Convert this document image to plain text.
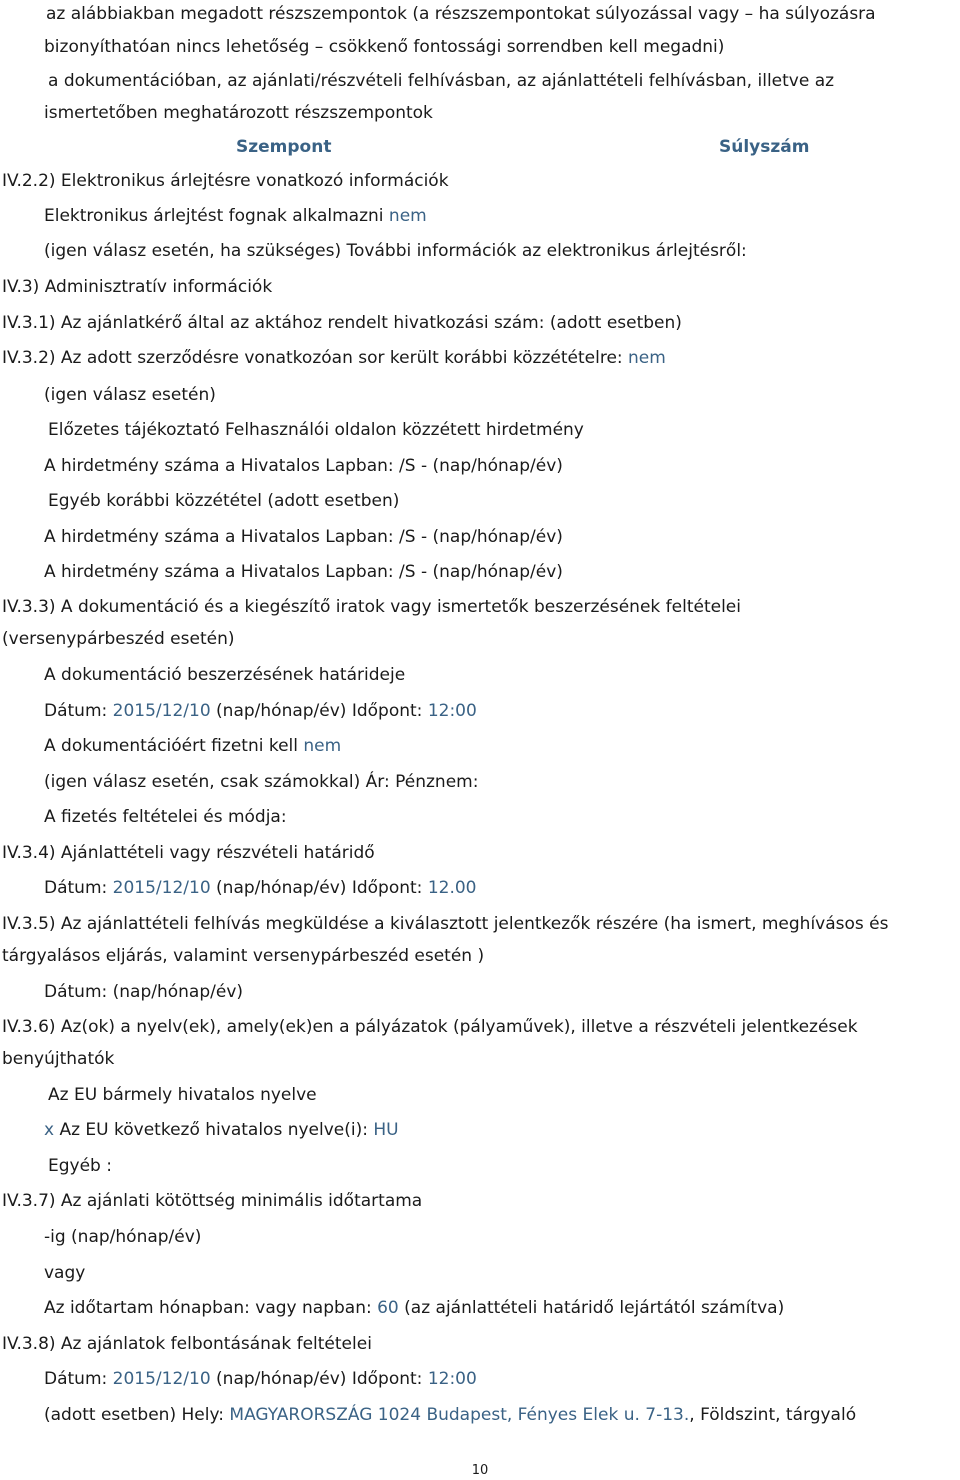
az alábbiakban megadott részszempontok (a részszempontokat súlyozással vagy – ha súlyozásra
bizonyíthatóan nincs lehetőség – csökkenő fontossági sorrendben kell megadni)
a dokumentációban, az ajánlati/részvételi felhívásban, az ajánlattételi felhívásban, illetve az
ismertetőben meghatározott részszempontok
Szempont	Súlyszám
IV.2.2) Elektronikus árlejtésre vonatkozó információk
Elektronikus árlejtést fognak alkalmazni nem
(igen válasz esetén, ha szükséges) További információk az elektronikus árlejtésről:
IV.3) Adminisztratív információk
IV.3.1) Az ajánlatkérő által az aktához rendelt hivatkozási szám: (adott esetben)
IV.3.2) Az adott szerződésre vonatkozóan sor került korábbi közzétételre: nem
(igen válasz esetén)
Előzetes tájékoztató Felhasználói oldalon közzétett hirdetmény
A hirdetmény száma a Hivatalos Lapban: /S - (nap/hónap/év)
Egyéb korábbi közzététel (adott esetben)
A hirdetmény száma a Hivatalos Lapban: /S - (nap/hónap/év)
A hirdetmény száma a Hivatalos Lapban: /S - (nap/hónap/év)
IV.3.3) A dokumentáció és a kiegészítő iratok vagy ismertetők beszerzésének feltételei
(versenypárbeszéd esetén)
A dokumentáció beszerzésének határideje
Dátum: 2015/12/10 (nap/hónap/év) Időpont: 12:00
A dokumentációért fizetni kell nem
(igen válasz esetén, csak számokkal) Ár: Pénznem:
A fizetés feltételei és módja:
IV.3.4) Ajánlattételi vagy részvételi határidő
Dátum: 2015/12/10 (nap/hónap/év) Időpont: 12.00
IV.3.5) Az ajánlattételi felhívás megküldése a kiválasztott jelentkezők részére (ha ismert, meghívásos és
tárgyalásos eljárás, valamint versenypárbeszéd esetén )
Dátum: (nap/hónap/év)
IV.3.6) Az(ok) a nyelv(ek), amely(ek)en a pályázatok (pályaművek), illetve a részvételi jelentkezések
benyújthatók
Az EU bármely hivatalos nyelve
x Az EU következő hivatalos nyelve(i): HU
Egyéb :
IV.3.7) Az ajánlati kötöttség minimális időtartama
-ig (nap/hónap/év)
vagy
Az időtartam hónapban: vagy napban: 60 (az ajánlattételi határidő lejártától számítva)
IV.3.8) Az ajánlatok felbontásának feltételei
Dátum: 2015/12/10 (nap/hónap/év) Időpont: 12:00
(adott esetben) Hely: MAGYARORSZÁG 1024 Budapest, Fényes Elek u. 7-13., Földszint, tárgyaló
10
